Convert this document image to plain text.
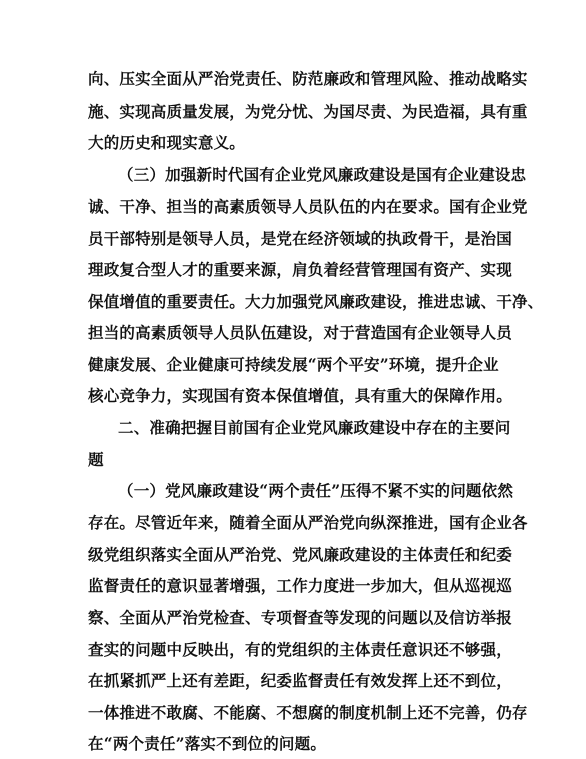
向、压实全面从严治党责任、防范廉政和管理风险、推动战略实

施、实现高质量发展，为党分忧、为国尽责、为民造福，具有重

大的历史和现实意义。

（三）加强新时代国有企业党风廉政建设是国有企业建设忠

诚、干净、担当的高素质领导人员队伍的内在要求。国有企业党

员干部特别是领导人员，是党在经济领域的执政骨干，是治国

理政复合型人才的重要来源，肩负着经营管理国有资产、实现

保值增值的重要责任。大力加强党风廉政建设，推进忠诚、干净、

担当的高素质领导人员队伍建设，对于营造国有企业领导人员

健康发展、企业健康可持续发展“两个平安”环境，提升企业

核心竞争力，实现国有资本保值增值，具有重大的保障作用。

二、准确把握目前国有企业党风廉政建设中存在的主要问

题

（一）党风廉政建设“两个责任”压得不紧不实的问题依然

存在。尽管近年来，随着全面从严治党向纵深推进，国有企业各

级党组织落实全面从严治党、党风廉政建设的主体责任和纪委

监督责任的意识显著增强，工作力度进一步加大，但从巡视巡

察、全面从严治党检查、专项督查等发现的问题以及信访举报

查实的问题中反映出，有的党组织的主体责任意识还不够强，

在抓紧抓严上还有差距，纪委监督责任有效发挥上还不到位，

一体推进不敢腐、不能腐、不想腐的制度机制上还不完善，仍存

在“两个责任”落实不到位的问题。
